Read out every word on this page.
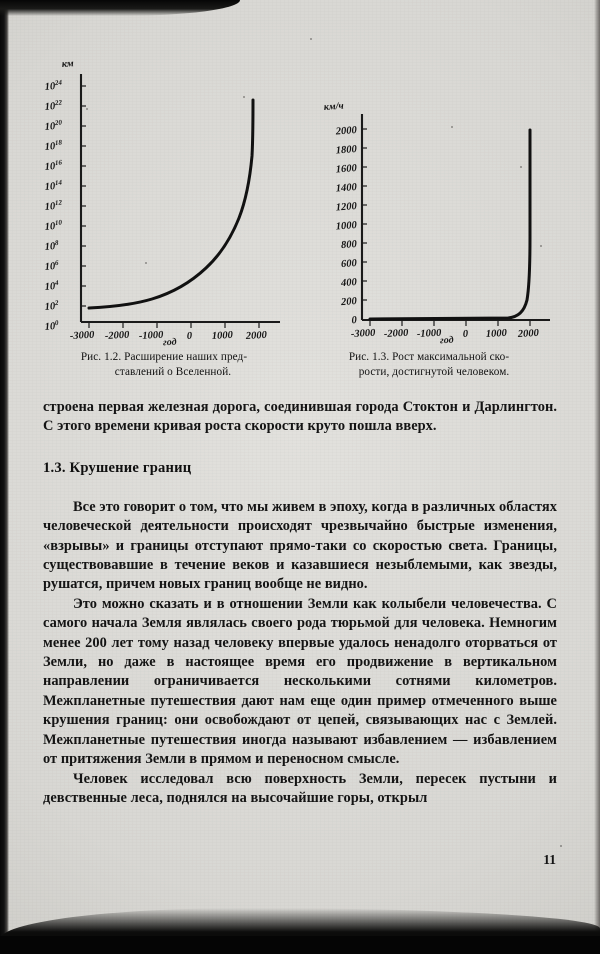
км
$10^{24}$
$10^{22}$
$10^{20}$
$10^{18}$
$10^{16}$
$10^{14}$
$10^{12}$
$10^{10}$
$10^8$
$10^6$
$10^4$
$10^2$
$10^0$
-3000 -2000 -1000 0 1000 2000
год
км/ч
2000
1800
1600
1400
1200
1000
800
600
400
200
0
-3000 -2000 -1000 0 1000 2000
год
Рис. 1.2. Расширение наших пред-
ставлений о Вселенной.
Рис. 1.3. Рост максимальной ско-
рости, достигнутой человеком.

строена первая железная дорога, соединившая города Стоктон и Дарлингтон. С этого времени кривая роста скорости круто пошла вверх.

1.3. Крушение границ

Все это говорит о том, что мы живем в эпоху, когда в различных областях человеческой деятельности происходят чрезвычайно быстрые изменения, «взрывы» и границы отступают прямо-таки со скоростью света. Границы, существовавшие в течение веков и казавшиеся незыблемыми, как звезды, рушатся, причем новых границ вообще не видно.

Это можно сказать и в отношении Земли как колыбели человечества. С самого начала Земля являлась своего рода тюрьмой для человека. Немногим менее 200 лет тому назад человеку впервые удалось ненадолго оторваться от Земли, но даже в настоящее время его продвижение в вертикальном направлении ограничивается несколькими сотнями километров. Межпланетные путешествия дают нам еще один пример отмеченного выше крушения границ: они освобождают от цепей, связывающих нас с Землей. Межпланетные путешествия иногда называют избавлением — избавлением от притяжения Земли в прямом и переносном смысле.

Человек исследовал всю поверхность Земли, пересек пустыни и девственные леса, поднялся на высочайшие горы, открыл

11
